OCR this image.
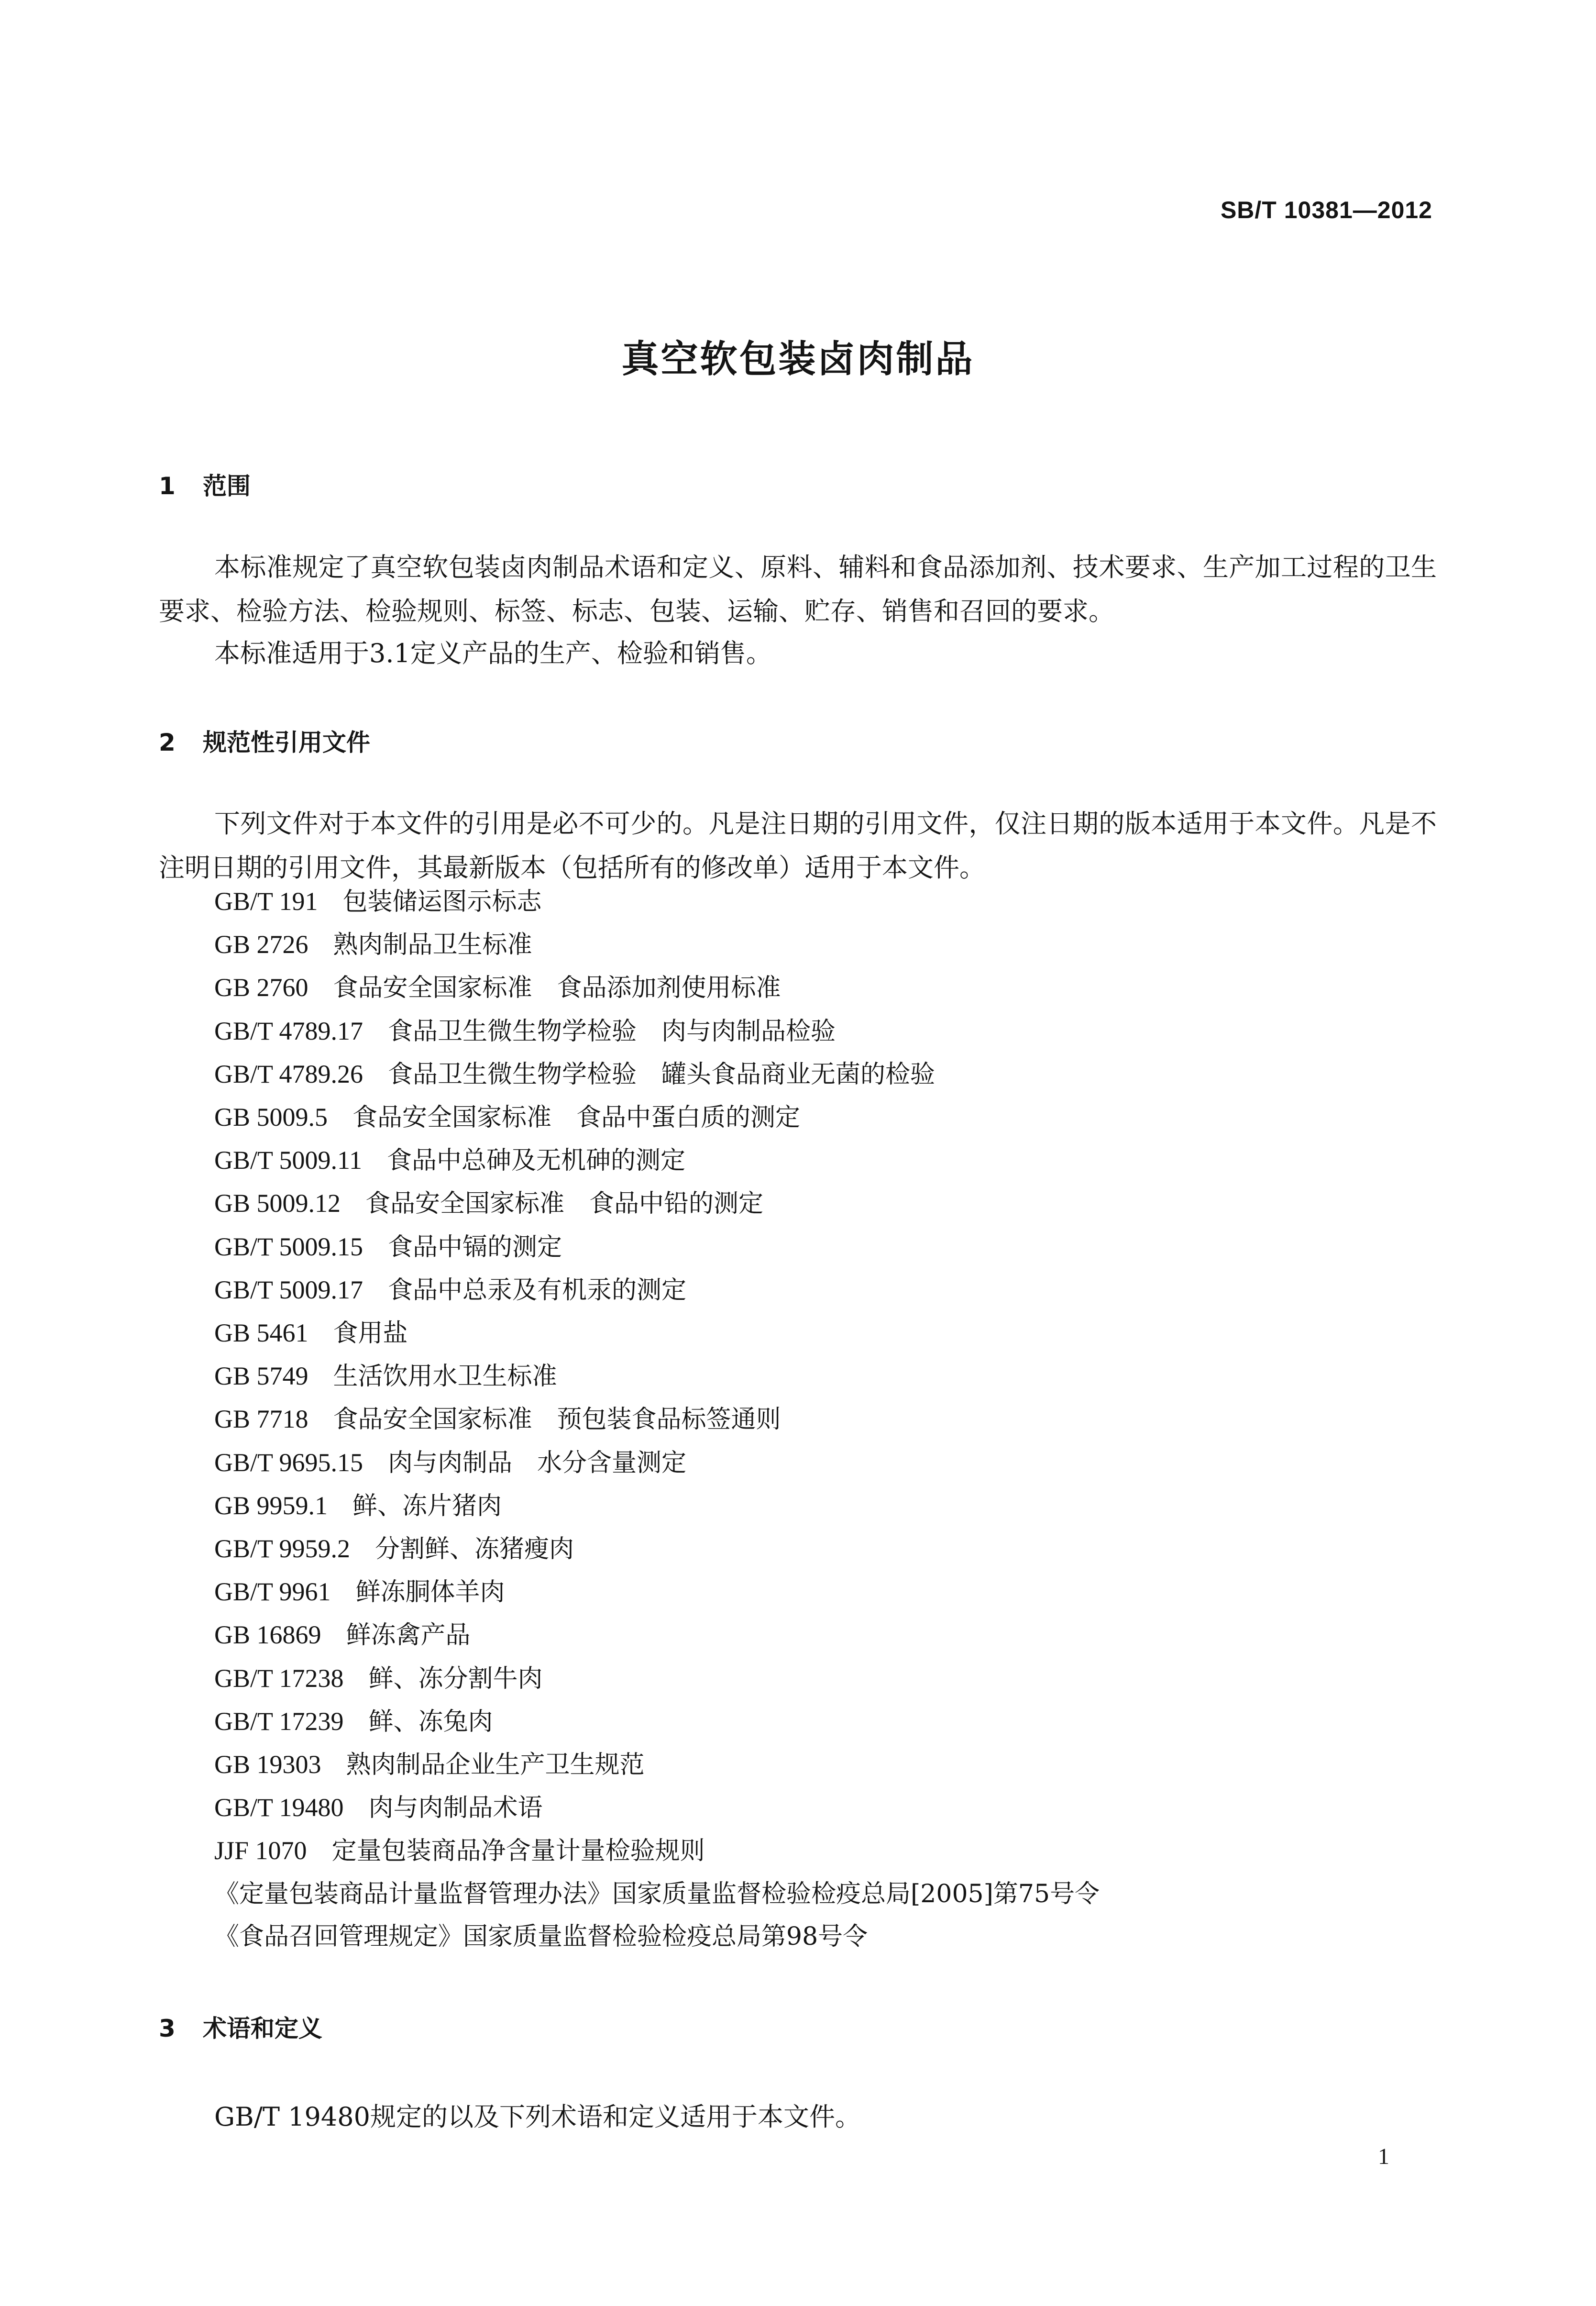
SB/T 10381—2012
真空软包装卤肉制品
1 范围

本标准规定了真空软包装卤肉制品术语和定义、原料、辅料和食品添加剂、技术要求、生产加工过程的卫生要求、检验方法、检验规则、标签、标志、包装、运输、贮存、销售和召回的要求。

本标准适用于3.1定义产品的生产、检验和销售。

2 规范性引用文件

下列文件对于本文件的引用是必不可少的。凡是注日期的引用文件，仅注日期的版本适用于本文件。凡是不注明日期的引用文件，其最新版本（包括所有的修改单）适用于本文件。

GB/T 191 包装储运图示标志
GB 2726 熟肉制品卫生标准
GB 2760 食品安全国家标准　食品添加剂使用标准
GB/T 4789.17 食品卫生微生物学检验　肉与肉制品检验
GB/T 4789.26 食品卫生微生物学检验　罐头食品商业无菌的检验
GB 5009.5 食品安全国家标准　食品中蛋白质的测定
GB/T 5009.11 食品中总砷及无机砷的测定
GB 5009.12 食品安全国家标准　食品中铅的测定
GB/T 5009.15 食品中镉的测定
GB/T 5009.17 食品中总汞及有机汞的测定
GB 5461 食用盐
GB 5749 生活饮用水卫生标准
GB 7718 食品安全国家标准　预包装食品标签通则
GB/T 9695.15 肉与肉制品　水分含量测定
GB 9959.1 鲜、冻片猪肉
GB/T 9959.2 分割鲜、冻猪瘦肉
GB/T 9961 鲜冻胴体羊肉
GB 16869 鲜冻禽产品
GB/T 17238 鲜、冻分割牛肉
GB/T 17239 鲜、冻兔肉
GB 19303 熟肉制品企业生产卫生规范
GB/T 19480 肉与肉制品术语
JJF 1070 定量包装商品净含量计量检验规则
《定量包装商品计量监督管理办法》国家质量监督检验检疫总局[2005]第75号令
《食品召回管理规定》国家质量监督检验检疫总局第98号令
3 术语和定义
GB/T 19480规定的以及下列术语和定义适用于本文件。
1
